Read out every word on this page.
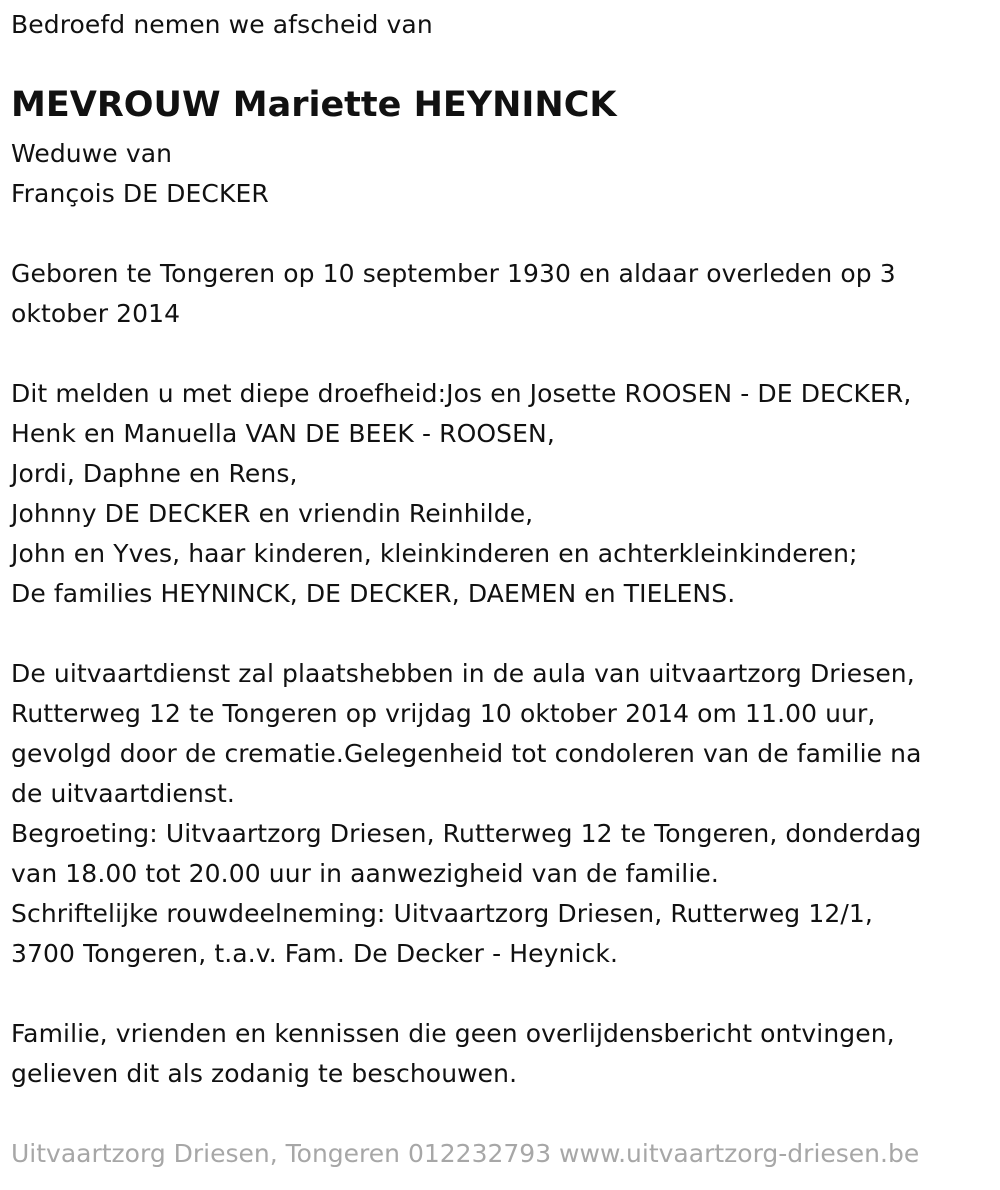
Bedroefd nemen we afscheid van
MEVROUW Mariette HEYNINCK
Weduwe van
François DE DECKER
Geboren te Tongeren op 10 september 1930 en aldaar overleden op 3
oktober 2014
Dit melden u met diepe droefheid:Jos en Josette ROOSEN - DE DECKER,
Henk en Manuella VAN DE BEEK - ROOSEN,
Jordi, Daphne en Rens,
Johnny DE DECKER en vriendin Reinhilde,
John en Yves, haar kinderen, kleinkinderen en achterkleinkinderen;
De families HEYNINCK, DE DECKER, DAEMEN en TIELENS.
De uitvaartdienst zal plaatshebben in de aula van uitvaartzorg Driesen,
Rutterweg 12 te Tongeren op vrijdag 10 oktober 2014 om 11.00 uur,
gevolgd door de crematie.Gelegenheid tot condoleren van de familie na
de uitvaartdienst.
Begroeting: Uitvaartzorg Driesen, Rutterweg 12 te Tongeren, donderdag
van 18.00 tot 20.00 uur in aanwezigheid van de familie.
Schriftelijke rouwdeelneming: Uitvaartzorg Driesen, Rutterweg 12/1,
3700 Tongeren, t.a.v. Fam. De Decker - Heynick.
Familie, vrienden en kennissen die geen overlijdensbericht ontvingen,
gelieven dit als zodanig te beschouwen.
Uitvaartzorg Driesen, Tongeren 012232793 www.uitvaartzorg-driesen.be
